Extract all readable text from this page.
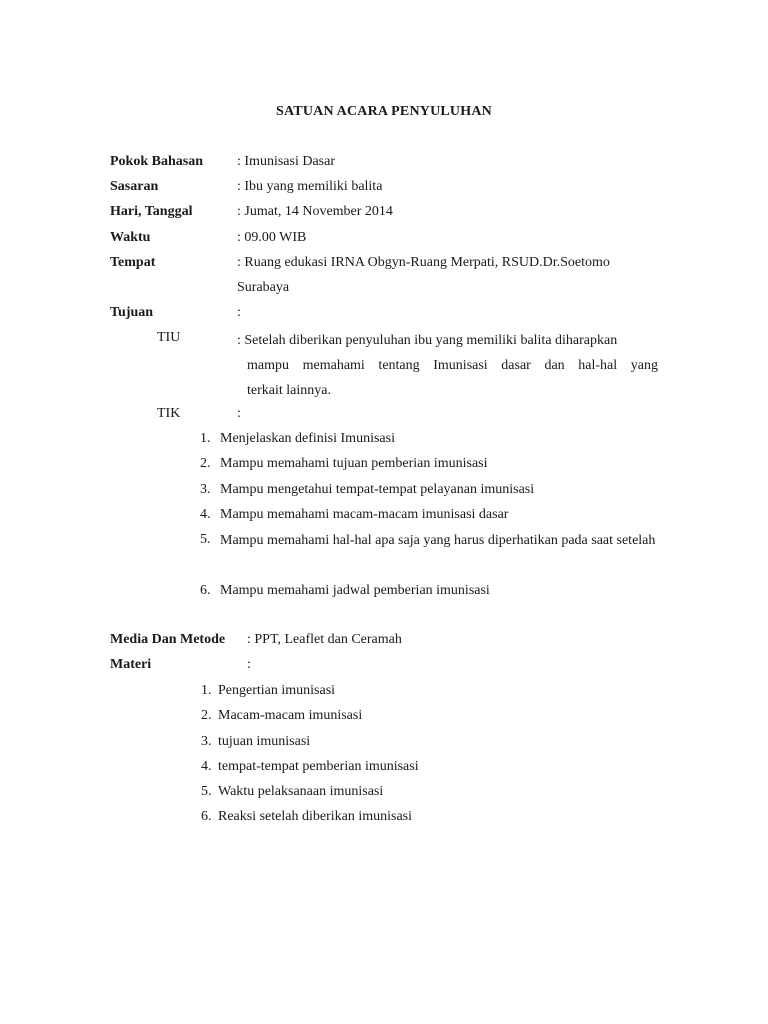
SATUAN ACARA PENYULUHAN
Pokok Bahasan : Imunisasi Dasar
Sasaran	: Ibu yang memiliki balita
Hari, Tanggal	: Jumat, 14 November 2014
Waktu	: 09.00 WIB
Tempat	: Ruang edukasi IRNA Obgyn-Ruang Merpati, RSUD.Dr.Soetomo
Surabaya
Tujuan	:
TIU	: Setelah diberikan penyuluhan ibu yang memiliki balita diharapkan
mampu memahami tentang Imunisasi dasar dan hal-hal yang
terkait lainnya.
TIK	:
1. Menjelaskan definisi Imunisasi
2. Mampu memahami tujuan pemberian imunisasi
3. Mampu mengetahui tempat-tempat pelayanan imunisasi
4. Mampu memahami macam-macam imunisasi dasar
5. Mampu memahami hal-hal apa saja yang harus diperhatikan pada saat setelah
6. Mampu memahami jadwal pemberian imunisasi
Media Dan Metode : PPT, Leaflet dan Ceramah
Materi	:
1. Pengertian imunisasi
2. Macam-macam imunisasi
3. tujuan imunisasi
4. tempat-tempat pemberian imunisasi
5. Waktu pelaksanaan imunisasi
6. Reaksi setelah diberikan imunisasi
